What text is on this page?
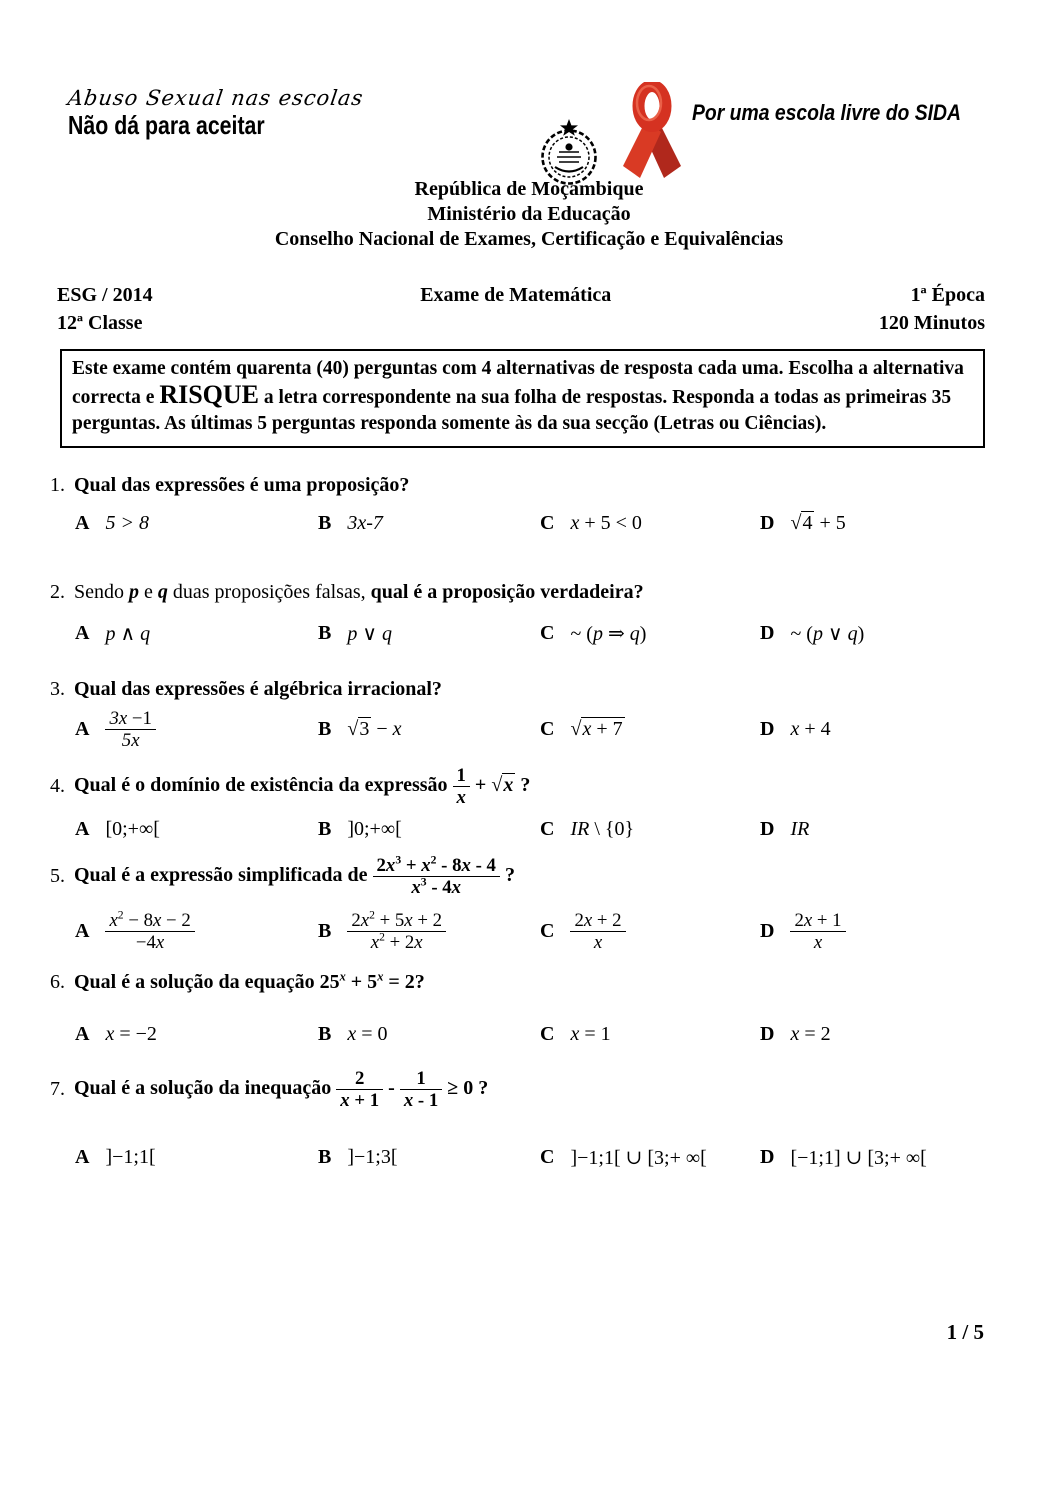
Abuso Sexual nas escolas
Não dá para aceitar	Por uma escola livre do SIDA
República de Moçambique
Ministério da Educação
Conselho Nacional de Exames, Certificação e Equivalências
ESG / 2014
12ª Classe
Exame de Matemática	1ª Época
120 Minutos
Este exame contém quarenta (40) perguntas com 4 alternativas de resposta cada uma. Escolha a alternativa correcta e RISQUE a letra correspondente na sua folha de respostas. Responda a todas as primeiras 35 perguntas. As últimas 5 perguntas responda somente às da sua secção (Letras ou Ciências).
1. Qual das expressões é uma proposição?
A 5 > 8	B 3x-7	C x + 5 < 0	D √4 + 5
2. Sendo p e q duas proposições falsas, qual é a proposição verdadeira?
A p ∧ q	B p ∨ q	C ~ (p ⇒ q)	D ~ (p ∨ q)
3. Qual das expressões é algébrica irracional?
A $\frac{3x -1}{5x}$	B √3 − x	C √x + 7	D x + 4
4. Qual é o domínio de existência da expressão $\frac{1}{x} + √x$ ?
A [0;+∞[	B ]0;+∞[	C IR \ {0}	D IR
5. Qual é a expressão simplificada de $\frac{2x^3 + x^2 - 8x - 4}{x^3 - 4x}$ ?
A $\frac{x^2 - 8x - 2}{-4x}$	B $\frac{2x^2 + 5x + 2}{x^2 + 2x}$	C $\frac{2x + 2}{x}$	D $\frac{2x + 1}{x}$
6. Qual é a solução da equação $25^x + 5^x = 2$?
A x = −2	B x = 0	C x = 1	D x = 2
7. Qual é a solução da inequação $\frac{2}{x + 1} - \frac{1}{x - 1} \ge 0$ ?
A ]−1;1[	B ]−1;3[	C ]−1;1[ ∪ [3;+ ∞[	D [−1;1] ∪ [3;+ ∞[
1 / 5
